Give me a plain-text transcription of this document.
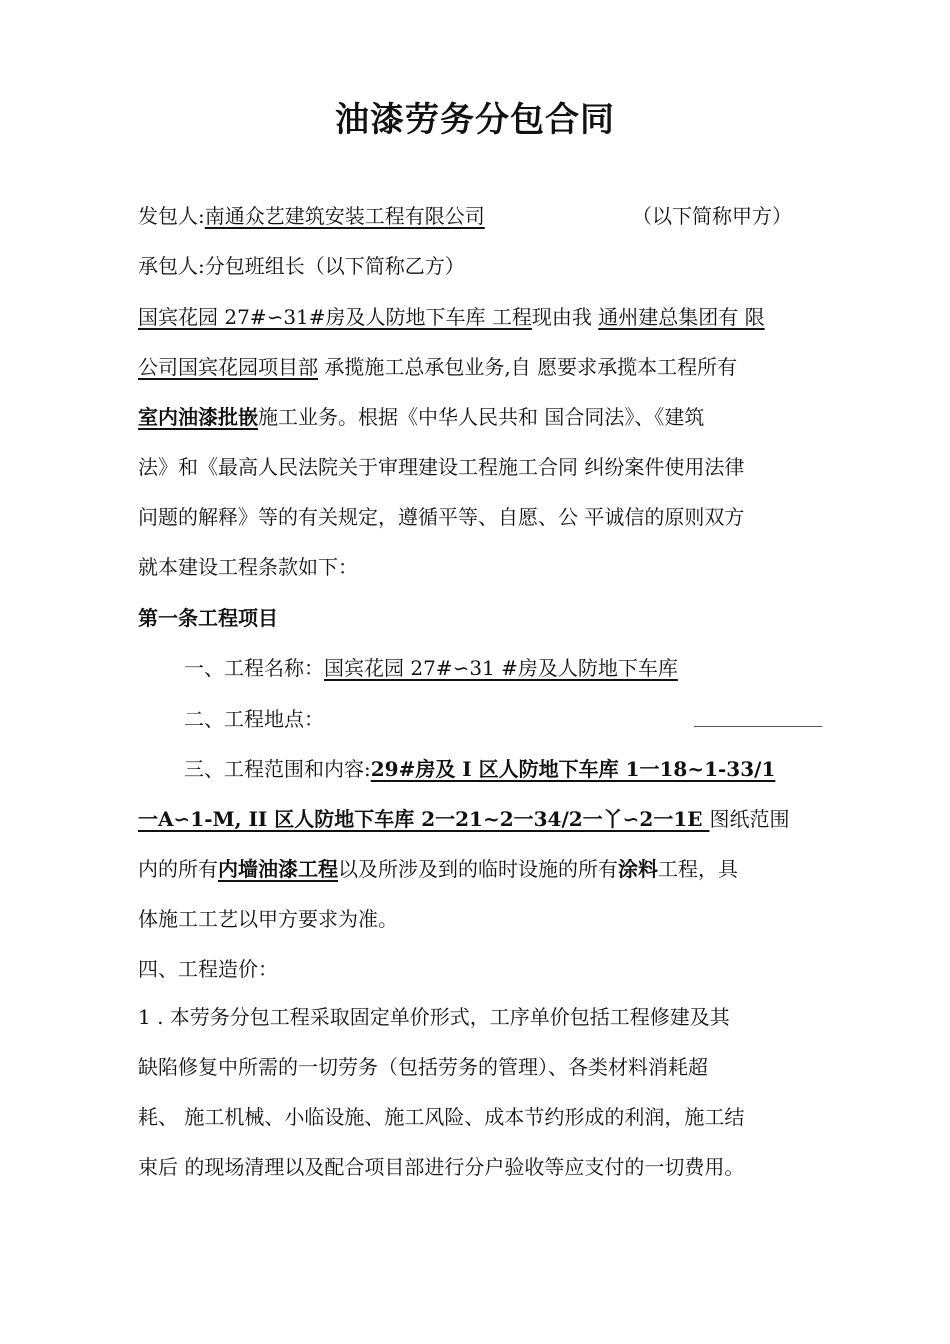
油漆劳务分包合同
发包人:南通众艺建筑安装工程有限公司	（以下简称甲方）
承包人:分包班组长（以下简称乙方）
国宾花园 27#∽31#房及人防地下车库 工程现由我 通州建总集团有 限
公司国宾花园项目部 承揽施工总承包业务,自 愿要求承揽本工程所有
室内油漆批嵌施工业务。根据《中华人民共和 国合同法》、《建筑
法》和《最高人民法院关于审理建设工程施工合同 纠纷案件使用法律
问题的解释》等的有关规定，遵循平等、自愿、公 平诚信的原则双方
就本建设工程条款如下：
第一条工程项目
一、工程名称：国宾花园 27#∽31 #房及人防地下车库
二、工程地点：
三、工程范围和内容:29#房及 I 区人防地下车库 1一18~1-33/1
一A∽1-M, II 区人防地下车库 2一21~2一34/2一丫∽2一1E 图纸范围
内的所有内墙油漆工程以及所涉及到的临时设施的所有涂料工程，具
体施工工艺以甲方要求为准。
四、工程造价：
1 . 本劳务分包工程采取固定单价形式，工序单价包括工程修建及其
缺陷修复中所需的一切劳务（包括劳务的管理）、各类材料消耗超
耗、 施工机械、小临设施、施工风险、成本节约形成的利润，施工结
束后 的现场清理以及配合项目部进行分户验收等应支付的一切费用。
